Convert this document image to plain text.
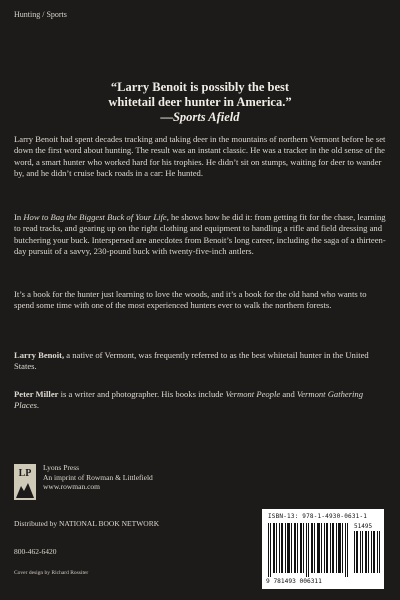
Hunting / Sports
“Larry Benoit is possibly the best
whitetail deer hunter in America.”
—Sports Afield

Larry Benoit had spent decades tracking and taking deer in the mountains of northern Vermont before he set down the first word about hunting. The result was an instant classic. He was a tracker in the old sense of the word, a smart hunter who worked hard for his trophies. He didn’t sit on stumps, waiting for deer to wander by, and he didn’t cruise back roads in a car: He hunted.

In How to Bag the Biggest Buck of Your Life, he shows how he did it: from getting fit for the chase, learning to read tracks, and gearing up on the right clothing and equipment to handling a rifle and field dressing and butchering your buck. Interspersed are anecdotes from Benoit’s long career, including the saga of a thirteen-day pursuit of a savvy, 230-pound buck with twenty-five-inch antlers.

It’s a book for the hunter just learning to love the woods, and it’s a book for the old hand who wants to spend some time with one of the most experienced hunters ever to walk the northern forests.

Larry Benoit, a native of Vermont, was frequently referred to as the best whitetail hunter in the United States.

Peter Miller is a writer and photographer. His books include Vermont People and Vermont Gathering Places.

LP
Lyons Press
An imprint of Rowman & Littlefield
www.rowman.com
Distributed by NATIONAL BOOK NETWORK
800-462-6420
Cover design by Richard Rossiter
ISBN-13: 978-1-4930-0631-1
51495
9 781493 006311
